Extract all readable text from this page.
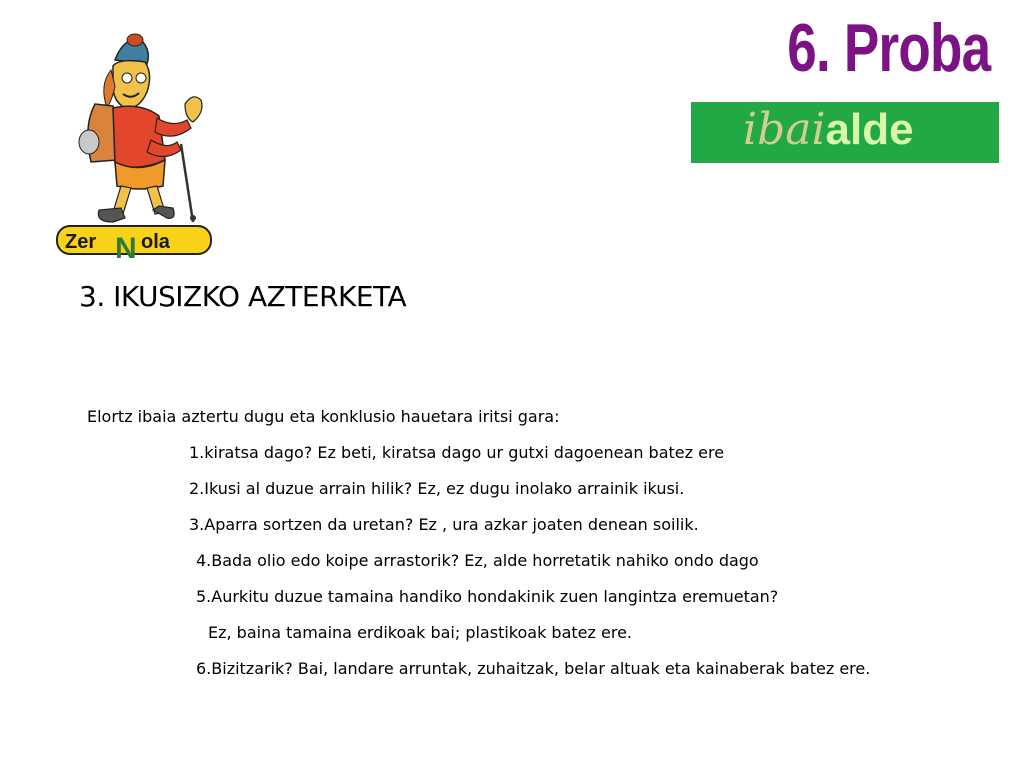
Zer N ola
6. Proba
ibaialde
3. IKUSIZKO AZTERKETA
Elortz ibaia aztertu dugu eta konklusio hauetara iritsi gara:
1.kiratsa dago? Ez beti, kiratsa dago ur gutxi dagoenean batez ere
2.Ikusi al duzue arrain hilik? Ez, ez dugu inolako arrainik ikusi.
3.Aparra sortzen da uretan? Ez , ura azkar joaten denean soilik.
4.Bada olio edo koipe arrastorik? Ez, alde horretatik nahiko ondo dago
5.Aurkitu duzue tamaina handiko hondakinik zuen langintza eremuetan?
Ez, baina tamaina erdikoak bai; plastikoak batez ere.
6.Bizitzarik? Bai, landare arruntak, zuhaitzak, belar altuak eta kainaberak batez ere.
